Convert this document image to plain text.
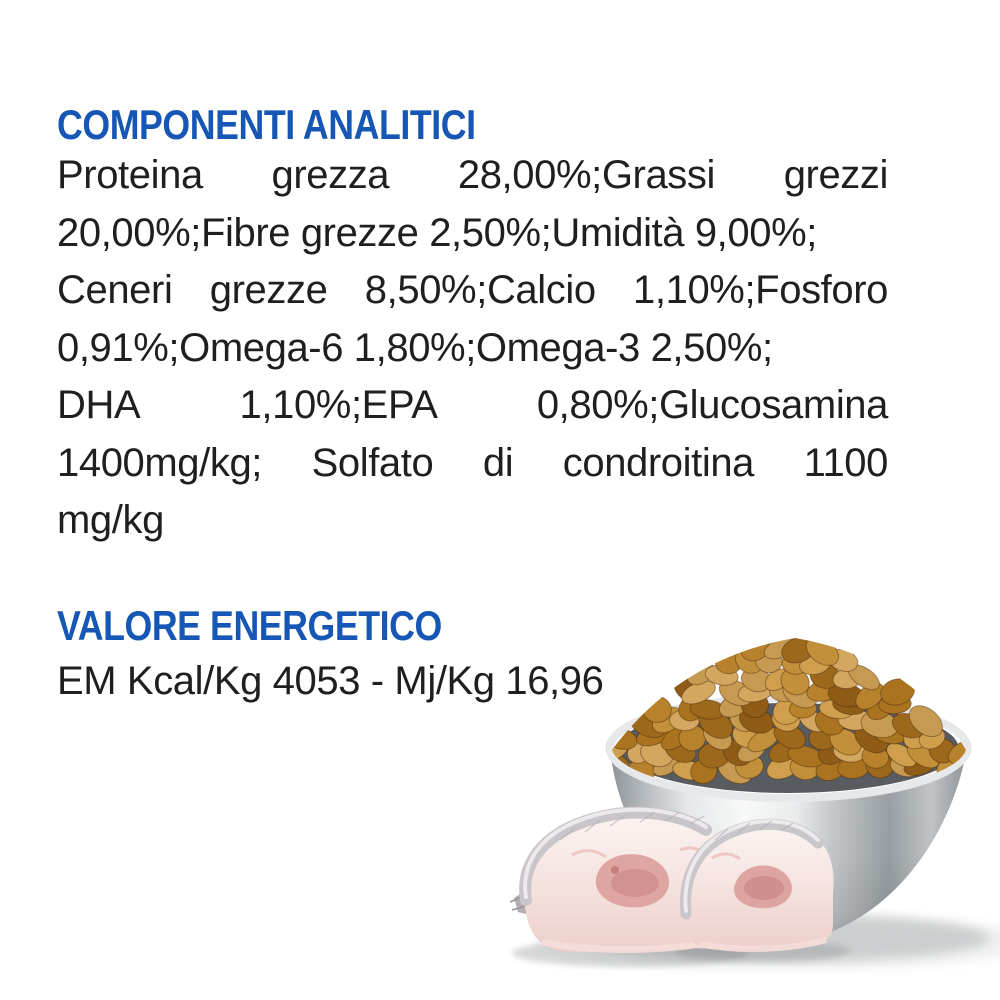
COMPONENTI ANALITICI
Proteina grezza 28,00%;Grassi grezzi
20,00%;Fibre grezze 2,50%;Umidità 9,00%;
Ceneri grezze 8,50%;Calcio 1,10%;Fosforo
0,91%;Omega-6 1,80%;Omega-3 2,50%;
DHA 1,10%;EPA 0,80%;Glucosamina
1400mg/kg; Solfato di condroitina 1100
mg/kg
VALORE ENERGETICO
EM Kcal/Kg 4053 - Mj/Kg 16,96
